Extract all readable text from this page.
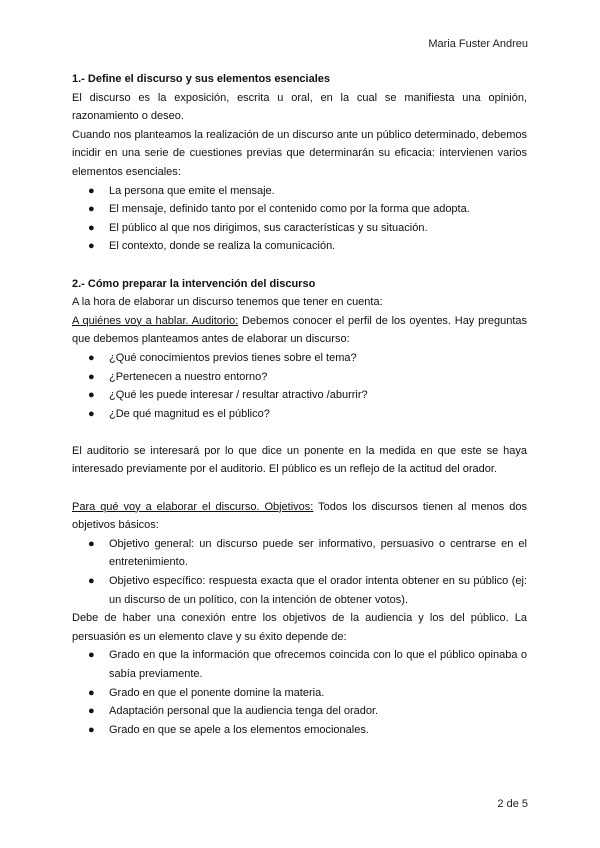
Maria Fuster Andreu

1.- Define el discurso y sus elementos esenciales

El discurso es la exposición, escrita u oral, en la cual se manifiesta una opinión, razonamiento o deseo.

Cuando nos planteamos la realización de un discurso ante un público determinado, debemos incidir en una serie de cuestiones previas que determinarán su eficacia: intervienen varios elementos esenciales:

● La persona que emite el mensaje.
● El mensaje, definido tanto por el contenido como por la forma que adopta.
● El público al que nos dirigimos, sus características y su situación.
● El contexto, donde se realiza la comunicación.

2.- Cómo preparar la intervención del discurso

A la hora de elaborar un discurso tenemos que tener en cuenta:

A quiénes voy a hablar. Auditorio: Debemos conocer el perfil de los oyentes. Hay preguntas que debemos planteamos antes de elaborar un discurso:

● ¿Qué conocimientos previos tienes sobre el tema?
● ¿Pertenecen a nuestro entorno?
● ¿Qué les puede interesar / resultar atractivo /aburrir?
● ¿De qué magnitud es el público?

El auditorio se interesará por lo que dice un ponente en la medida en que este se haya interesado previamente por el auditorio. El público es un reflejo de la actitud del orador.

Para qué voy a elaborar el discurso. Objetivos: Todos los discursos tienen al menos dos objetivos básicos:

● Objetivo general: un discurso puede ser informativo, persuasivo o centrarse en el entretenimiento.
● Objetivo específico: respuesta exacta que el orador intenta obtener en su público (ej: un discurso de un político, con la intención de obtener votos).

Debe de haber una conexión entre los objetivos de la audiencia y los del público. La persuasión es un elemento clave y su éxito depende de:

● Grado en que la información que ofrecemos coincida con lo que el público opinaba o sabía previamente.
● Grado en que el ponente domine la materia.
● Adaptación personal que la audiencia tenga del orador.
● Grado en que se apele a los elementos emocionales.
2 de 5
